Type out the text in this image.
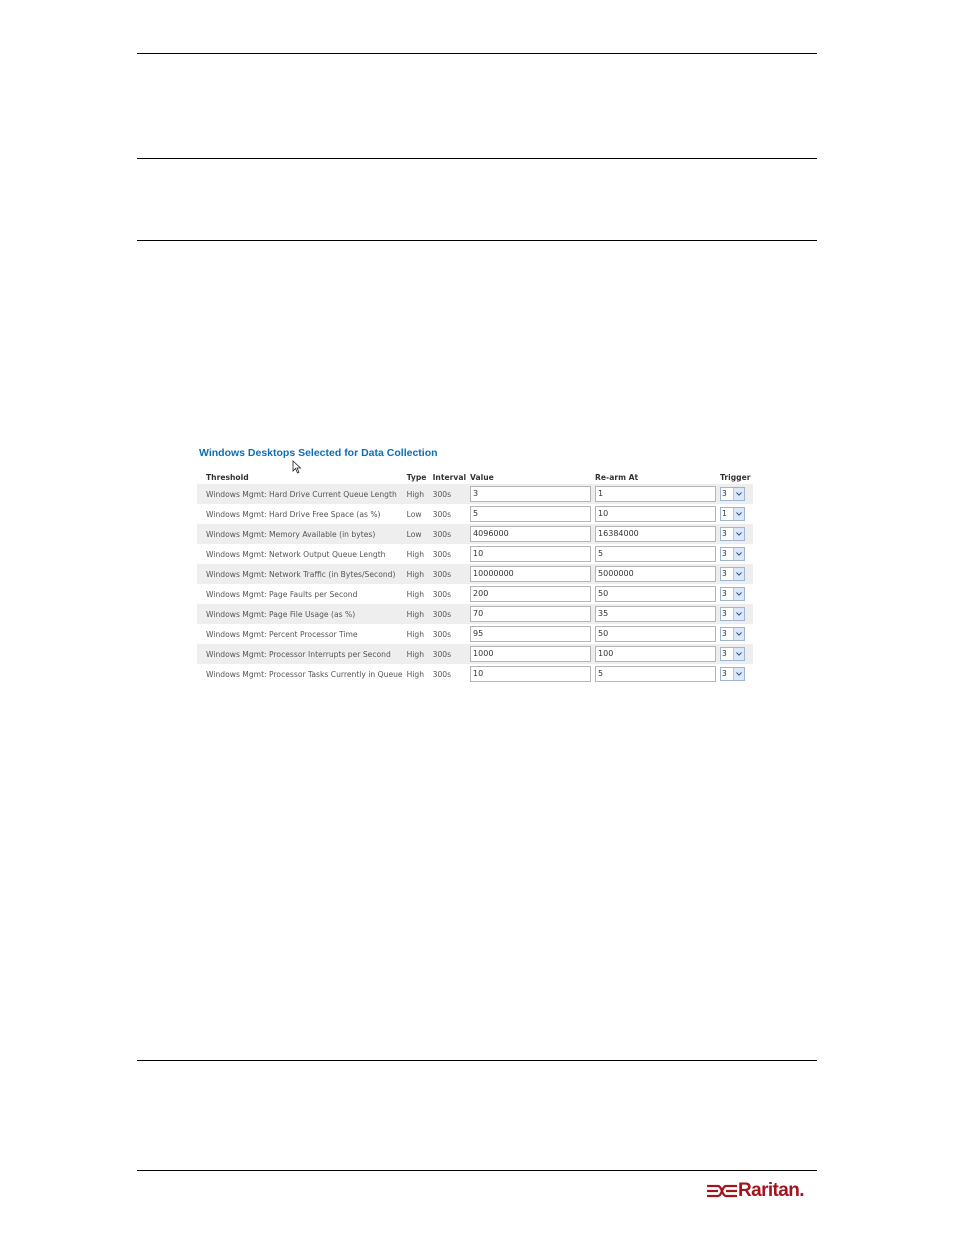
Windows Desktops Selected for Data Collection
	Threshold	Type	Interval	Value	Re-arm At	Trigger
	Windows Mgmt: Hard Drive Current Queue Length	High	300s	3	1	3

	Windows Mgmt: Hard Drive Free Space (as %)	Low	300s	5	10	1

	Windows Mgmt: Memory Available (in bytes)	Low	300s	4096000	16384000	3

	Windows Mgmt: Network Output Queue Length	High	300s	10	5	3

	Windows Mgmt: Network Traffic (in Bytes/Second)	High	300s	10000000	5000000	3

	Windows Mgmt: Page Faults per Second	High	300s	200	50	3

	Windows Mgmt: Page File Usage (as %)	High	300s	70	35	3

	Windows Mgmt: Percent Processor Time	High	300s	95	50	3

	Windows Mgmt: Processor Interrupts per Second	High	300s	1000	100	3

	Windows Mgmt: Processor Tasks Currently in Queue	High	300s	10	5	3
Raritan.
